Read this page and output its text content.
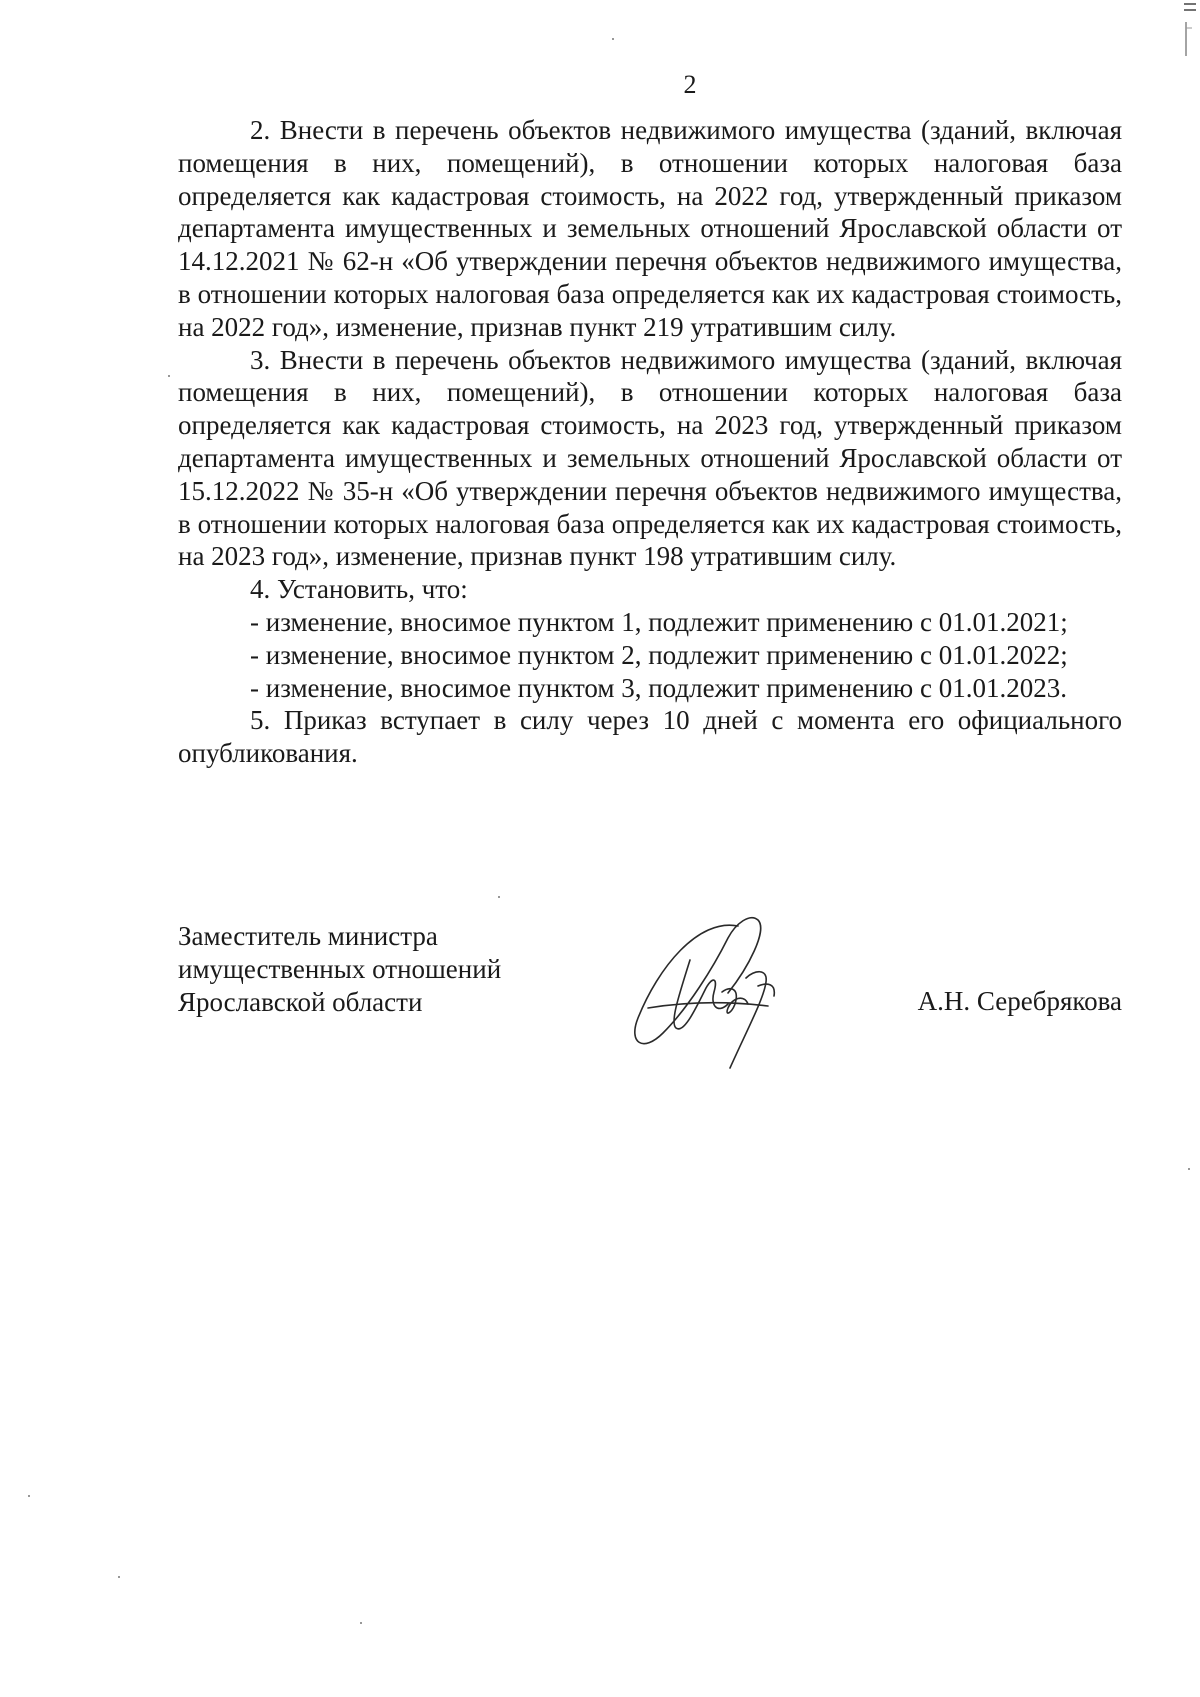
2

2. Внести в перечень объектов недвижимого имущества (зданий, включая помещения в них, помещений), в отношении которых налоговая база определяется как кадастровая стоимость, на 2022 год, утвержденный приказом департамента имущественных и земельных отношений Ярославской области от 14.12.2021 № 62-н «Об утверждении перечня объектов недвижимого имущества, в отношении которых налоговая база определяется как их кадастровая стоимость, на 2022 год», изменение, признав пункт 219 утратившим силу.

3. Внести в перечень объектов недвижимого имущества (зданий, включая помещения в них, помещений), в отношении которых налоговая база определяется как кадастровая стоимость, на 2023 год, утвержденный приказом департамента имущественных и земельных отношений Ярославской области от 15.12.2022 № 35-н «Об утверждении перечня объектов недвижимого имущества, в отношении которых налоговая база определяется как их кадастровая стоимость, на 2023 год», изменение, признав пункт 198 утратившим силу.

4. Установить, что:

- изменение, вносимое пунктом 1, подлежит применению с 01.01.2021;

- изменение, вносимое пунктом 2, подлежит применению с 01.01.2022;

- изменение, вносимое пунктом 3, подлежит применению с 01.01.2023.

5. Приказ вступает в силу через 10 дней с момента его официального опубликования.

Заместитель министра
имущественных отношений
Ярославской области	А.Н. Серебрякова
